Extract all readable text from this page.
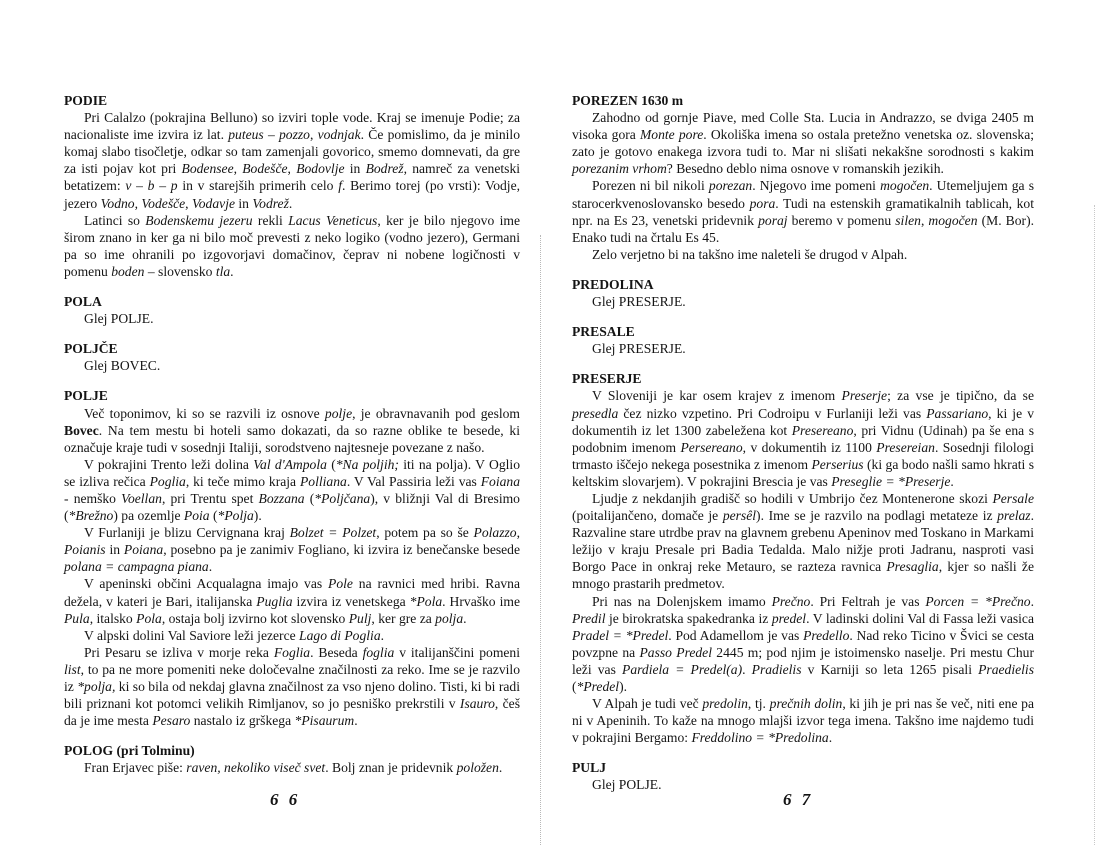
PODIE

Pri Calalzo (pokrajina Belluno) so izviri tople vode. Kraj se imenuje Podie; za nacionaliste ime izvira iz lat. puteus – pozzo, vodnjak. Če pomislimo, da je minilo komaj slabo tisočletje, odkar so tam zamenjali govorico, smemo domnevati, da gre za isti pojav kot pri Bodensee, Bodešče, Bodovlje in Bodrež, namreč za venetski betatizem: v – b – p in v starejših primerih celo f. Berimo torej (po vrsti): Vodje, jezero Vodno, Vodešče, Vodavje in Vodrež.

Latinci so Bodenskemu jezeru rekli Lacus Veneticus, ker je bilo njegovo ime širom znano in ker ga ni bilo moč prevesti z neko logiko (vodno jezero), Germani pa so ime ohranili po izgovorjavi domačinov, čeprav ni nobene logičnosti v pomenu boden – slovensko tla.

POLA
Glej POLJE.
POLJČE
Glej BOVEC.
POLJE

Več toponimov, ki so se razvili iz osnove polje, je obravnavanih pod geslom Bovec. Na tem mestu bi hoteli samo dokazati, da so razne oblike te besede, ki označuje kraje tudi v sosednji Italiji, sorodstveno najtesneje povezane z našo.

V pokrajini Trento leži dolina Val d'Ampola (*Na poljih; iti na polja). V Oglio se izliva rečica Poglia, ki teče mimo kraja Polliana. V Val Passiria leži vas Foiana - nemško Voellan, pri Trentu spet Bozzana (*Poljčana), v bližnji Val di Bresimo (*Brežno) pa ozemlje Poia (*Polja).

V Furlaniji je blizu Cervignana kraj Bolzet = Polzet, potem pa so še Polazzo, Poianis in Poiana, posebno pa je zanimiv Fogliano, ki izvira iz benečanske besede polana = campagna piana.

V apeninski občini Acqualagna imajo vas Pole na ravnici med hribi. Ravna dežela, v kateri je Bari, italijanska Puglia izvira iz venetskega *Pola. Hrvaško ime Pula, italsko Pola, ostaja bolj izvirno kot slovensko Pulj, ker gre za polja.

V alpski dolini Val Saviore leži jezerce Lago di Poglia.

Pri Pesaru se izliva v morje reka Foglia. Beseda foglia v italijanščini pomeni list, to pa ne more pomeniti neke določevalne značilnosti za reko. Ime se je razvilo iz *polja, ki so bila od nekdaj glavna značilnost za vso njeno dolino. Tisti, ki bi radi bili priznani kot potomci velikih Rimljanov, so jo pesniško prekrstili v Isauro, češ da je ime mesta Pesaro nastalo iz grškega *Pisaurum.

POLOG (pri Tolminu)

Fran Erjavec piše: raven, nekoliko viseč svet. Bolj znan je pridevnik položen.

POREZEN 1630 m

Zahodno od gornje Piave, med Colle Sta. Lucia in Andrazzo, se dviga 2405 m visoka gora Monte pore. Okoliška imena so ostala pretežno venetska oz. slovenska; zato je gotovo enakega izvora tudi to. Mar ni slišati nekakšne sorodnosti s kakim porezanim vrhom? Besedno deblo nima osnove v romanskih jezikih.

Porezen ni bil nikoli porezan. Njegovo ime pomeni mogočen. Utemeljujem ga s starocerkvenoslovansko besedo pora. Tudi na estenskih gramatikalnih tablicah, kot npr. na Es 23, venetski pridevnik poraj beremo v pomenu silen, mogočen (M. Bor). Enako tudi na črtalu Es 45.

Zelo verjetno bi na takšno ime naleteli še drugod v Alpah.

PREDOLINA
Glej PRESERJE.
PRESALE
Glej PRESERJE.
PRESERJE

V Sloveniji je kar osem krajev z imenom Preserje; za vse je tipično, da se presedla čez nizko vzpetino. Pri Codroipu v Furlaniji leži vas Passariano, ki je v dokumentih iz let 1300 zabeležena kot Presereano, pri Vidnu (Udinah) pa še ena s podobnim imenom Persereano, v dokumentih iz 1100 Presereian. Sosednji filologi trmasto iščejo nekega posestnika z imenom Perserius (ki ga bodo našli samo hkrati s keltskim slovarjem). V pokrajini Brescia je vas Preseglie = *Preserje.

Ljudje z nekdanjih gradišč so hodili v Umbrijo čez Montenerone skozi Persale (poitalijančeno, domače je persêl). Ime se je razvilo na podlagi metateze iz prelaz. Razvaline stare utrdbe prav na glavnem grebenu Apeninov med Toskano in Markami ležijo v kraju Presale pri Badia Tedalda. Malo nižje proti Jadranu, nasproti vasi Borgo Pace in onkraj reke Metauro, se razteza ravnica Presaglia, kjer so našli že mnogo prastarih predmetov.

Pri nas na Dolenjskem imamo Prečno. Pri Feltrah je vas Porcen = *Prečno. Predil je birokratska spakedranka iz predel. V ladinski dolini Val di Fassa leži vasica Pradel = *Predel. Pod Adamellom je vas Predello. Nad reko Ticino v Švici se cesta povzpne na Passo Predel 2445 m; pod njim je istoimensko naselje. Pri mestu Chur leži vas Pardiela = Predel(a). Pradielis v Karniji so leta 1265 pisali Praedielis (*Predel).

V Alpah je tudi več predolin, tj. prečnih dolin, ki jih je pri nas še več, niti ene pa ni v Apeninih. To kaže na mnogo mlajši izvor tega imena. Takšno ime najdemo tudi v pokrajini Bergamo: Freddolino = *Predolina.

PULJ
Glej POLJE.
6 6	6 7
